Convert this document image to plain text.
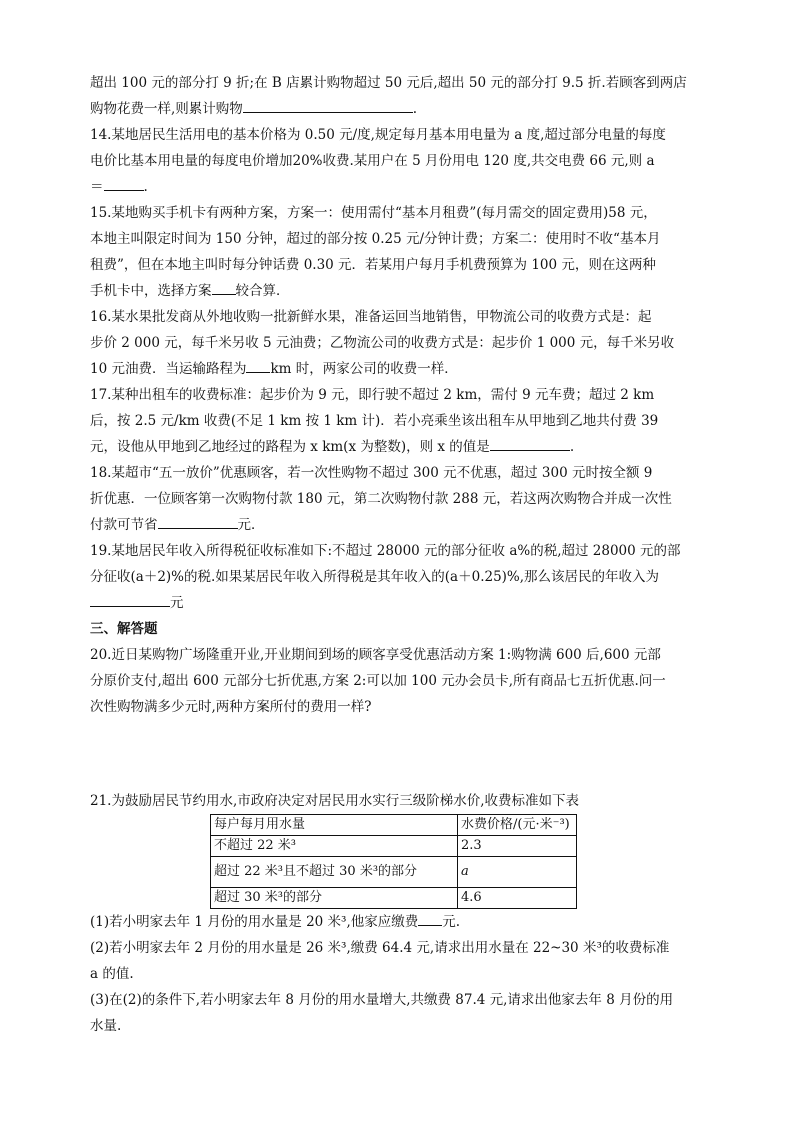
超出 100 元的部分打 9 折;在 B 店累计购物超过 50 元后,超出 50 元的部分打 9.5 折.若顾客到两店

购物花费一样,则累计购物	.

14.某地居民生活用电的基本价格为 0.50 元/度,规定每月基本用电量为 a 度,超过部分电量的每度

电价比基本用电量的每度电价增加20%收费.某用户在 5 月份用电 120 度,共交电费 66 元,则 a

＝	.

15.某地购买手机卡有两种方案，方案一：使用需付“基本月租费”(每月需交的固定费用)58 元，

本地主叫限定时间为 150 分钟，超过的部分按 0.25 元/分钟计费；方案二：使用时不收“基本月

租费”，但在本地主叫时每分钟话费 0.30 元．若某用户每月手机费预算为 100 元，则在这两种

手机卡中，选择方案 较合算．

16.某水果批发商从外地收购一批新鲜水果，准备运回当地销售，甲物流公司的收费方式是：起

步价 2 000 元，每千米另收 5 元油费；乙物流公司的收费方式是：起步价 1 000 元，每千米另收

10 元油费．当运输路程为 km 时，两家公司的收费一样．

17.某种出租车的收费标准：起步价为 9 元，即行驶不超过 2 km，需付 9 元车费；超过 2 km

后，按 2.5 元/km 收费(不足 1 km 按 1 km 计)．若小亮乘坐该出租车从甲地到乙地共付费 39

元，设他从甲地到乙地经过的路程为 x km(x 为整数)，则 x 的值是	.

18.某超市“五一放价”优惠顾客，若一次性购物不超过 300 元不优惠，超过 300 元时按全额 9

折优惠．一位顾客第一次购物付款 180 元，第二次购物付款 288 元，若这两次购物合并成一次性

付款可节省	元．

19.某地居民年收入所得税征收标准如下:不超过 28000 元的部分征收 a%的税,超过 28000 元的部

分征收(a＋2)%的税.如果某居民年收入所得税是其年收入的(a＋0.25)%,那么该居民的年收入为

元

三、解答题

20.近日某购物广场隆重开业,开业期间到场的顾客享受优惠活动方案 1:购物满 600 后,600 元部

分原价支付,超出 600 元部分七折优惠,方案 2:可以加 100 元办会员卡,所有商品七五折优惠.问一

次性购物满多少元时,两种方案所付的费用一样?

21.为鼓励居民节约用水,市政府决定对居民用水实行三级阶梯水价,收费标准如下表

每户每月用水量	水费价格/(元·米⁻³)
不超过 22 米³	2.3
超过 22 米³且不超过 30 米³的部分	a
超过 30 米³的部分	4.6

(1)若小明家去年 1 月份的用水量是 20 米³,他家应缴费 元.

(2)若小明家去年 2 月份的用水量是 26 米³,缴费 64.4 元,请求出用水量在 22~30 米³的收费标准

a 的值.

(3)在(2)的条件下,若小明家去年 8 月份的用水量增大,共缴费 87.4 元,请求出他家去年 8 月份的用

水量.
